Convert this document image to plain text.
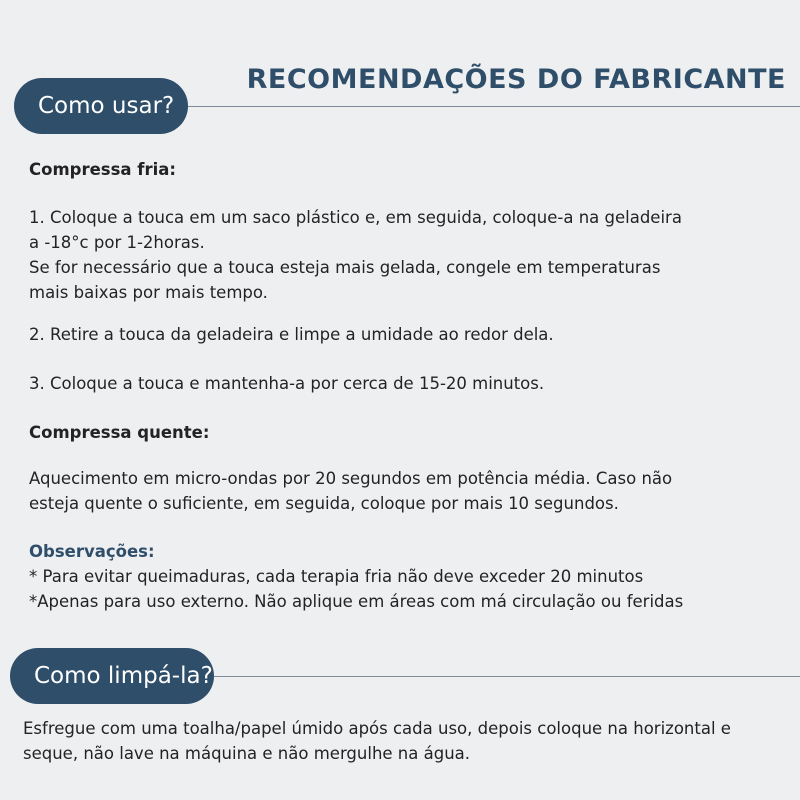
RECOMENDAÇÕES DO FABRICANTE
Como usar?
Compressa fria:
1. Coloque a touca em um saco plástico e, em seguida, coloque-a na geladeira
a -18°c por 1-2horas.
Se for necessário que a touca esteja mais gelada, congele em temperaturas
mais baixas por mais tempo.
2. Retire a touca da geladeira e limpe a umidade ao redor dela.
3. Coloque a touca e mantenha-a por cerca de 15-20 minutos.
Compressa quente:
Aquecimento em micro-ondas por 20 segundos em potência média. Caso não
esteja quente o suficiente, em seguida, coloque por mais 10 segundos.
Observações:
* Para evitar queimaduras, cada terapia fria não deve exceder 20 minutos
*Apenas para uso externo. Não aplique em áreas com má circulação ou feridas
Como limpá-la?
Esfregue com uma toalha/papel úmido após cada uso, depois coloque na horizontal e
seque, não lave na máquina e não mergulhe na água.
